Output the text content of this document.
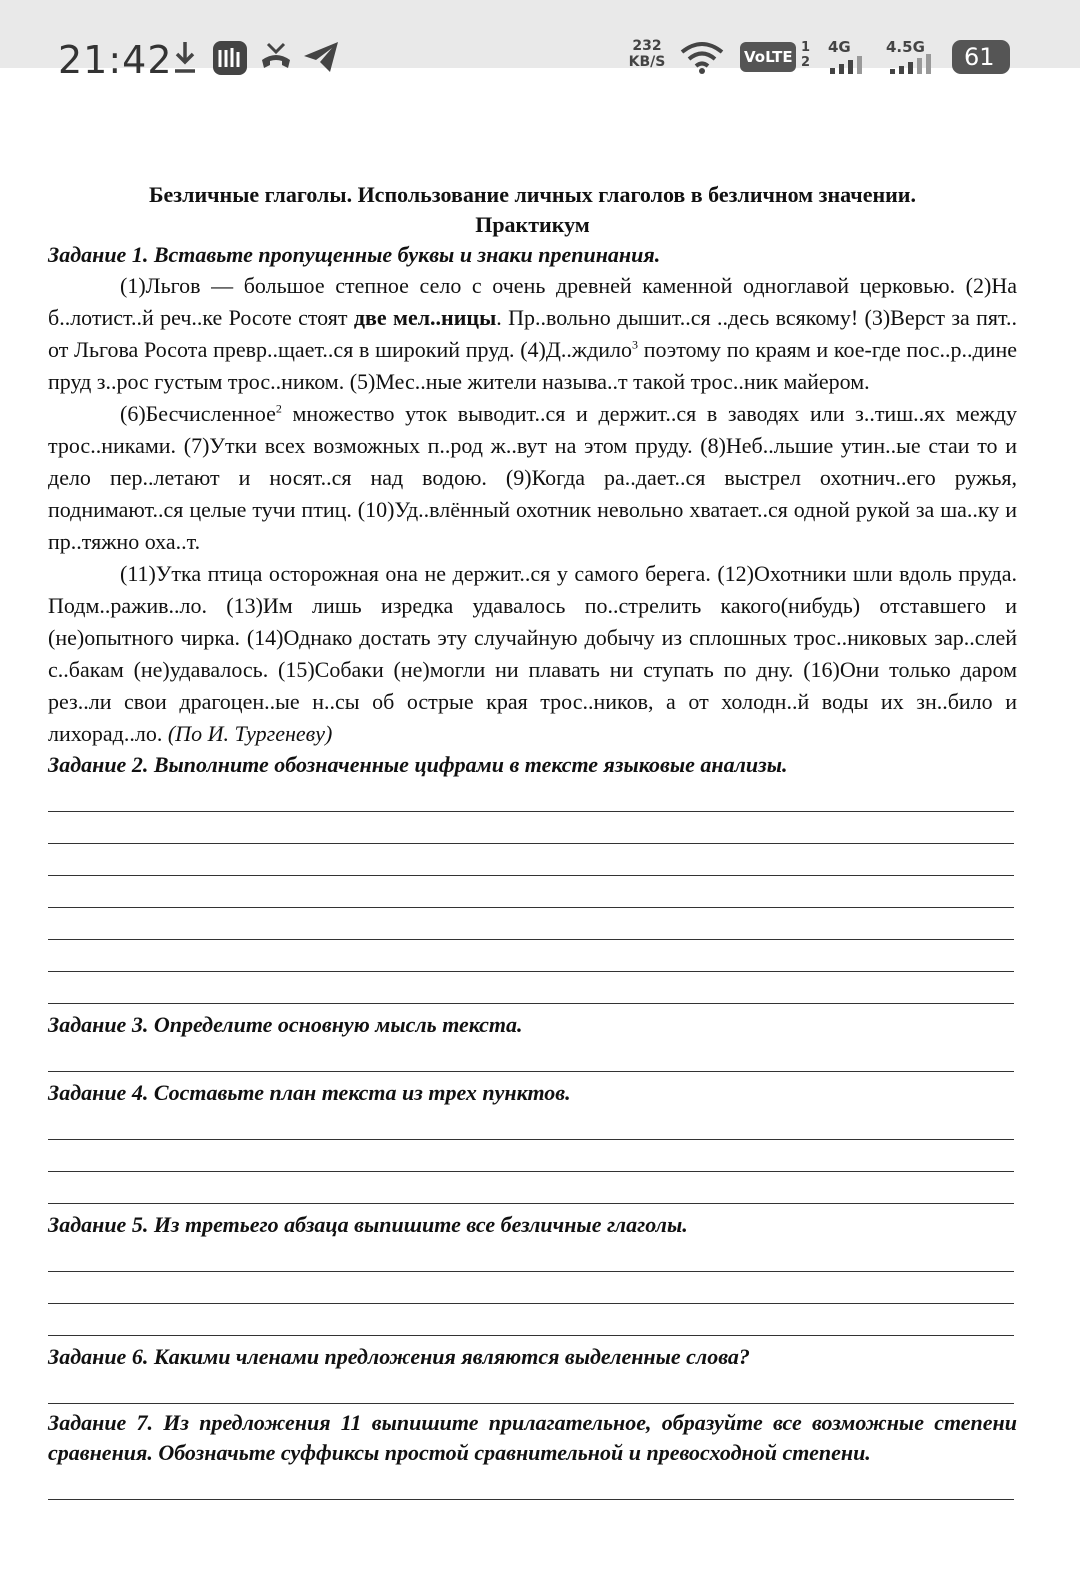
21:42	232
KB/S	VoLTE
1
2
4G 4.5G 61

Безличные глаголы. Использование личных глаголов в безличном значении.

Практикум

Задание 1. Вставьте пропущенные буквы и знаки препинания.

(1)Льгов — большое степное село с очень древней каменной одноглавой церковью. (2)На б..лотист..й реч..ке Росоте стоят две мел..ницы. Пр..вольно дышит..ся ..десь всякому! (3)Верст за пят.. от Льгова Росота превр..щает..ся в широкий пруд. (4)Д..ждило$^3$ поэтому по краям и кое-где пос..р..дине пруд з..рос густым трос..ником. (5)Мес..ные жители называ..т такой трос..ник майером.

(6)Бесчисленное$^2$ множество уток выводит..ся и держит..ся в заводях или з..тиш..ях между трос..никами. (7)Утки всех возможных п..род ж..вут на этом пруду. (8)Неб..льшие утин..ые стаи то и дело пер..летают и носят..ся над водою. (9)Когда ра..дает..ся выстрел охотнич..его ружья, поднимают..ся целые тучи птиц. (10)Уд..влённый охотник невольно хватает..ся одной рукой за ша..ку и пр..тяжно оха..т.

(11)Утка птица осторожная она не держит..ся у самого берега. (12)Охотники шли вдоль пруда. Подм..ражив..ло. (13)Им лишь изредка удавалось по..стрелить какого(нибудь) отставшего и (не)опытного чирка. (14)Однако достать эту случайную добычу из сплошных трос..никовых зар..слей с..бакам (не)удавалось. (15)Собаки (не)могли ни плавать ни ступать по дну. (16)Они только даром рез..ли свои драгоцен..ые н..сы об острые края трос..ников, а от холодн..й воды их зн..било и лихорад..ло. (По И. Тургеневу)

Задание 2. Выполните обозначенные цифрами в тексте языковые анализы.

Задание 3. Определите основную мысль текста.

Задание 4. Составьте план текста из трех пунктов.

Задание 5. Из третьего абзаца выпишите все безличные глаголы.

Задание 6. Какими членами предложения являются выделенные слова?

Задание 7. Из предложения 11 выпишите прилагательное, образуйте все возможные степени сравнения. Обозначьте суффиксы простой сравнительной и превосходной степени.
